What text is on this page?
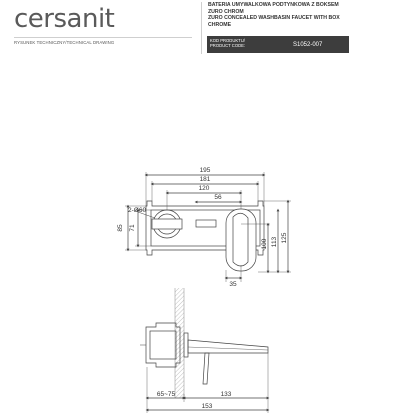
cersanit
RYSUNEK TECHNICZNY/TECHNICAL DRAWING
BATERIA UMYWALKOWA PODTYNKOWA Z BOKSEM
ZURO CHROM
ZURO CONCEALED WASHBASIN FAUCET WITH BOX
CHROME
KOD PRODUKTU/
PRODUCT CODE:	S1052-007
195
181
120
56
2-Ø60
85 71
100 113 125
35
65~75	133
153
